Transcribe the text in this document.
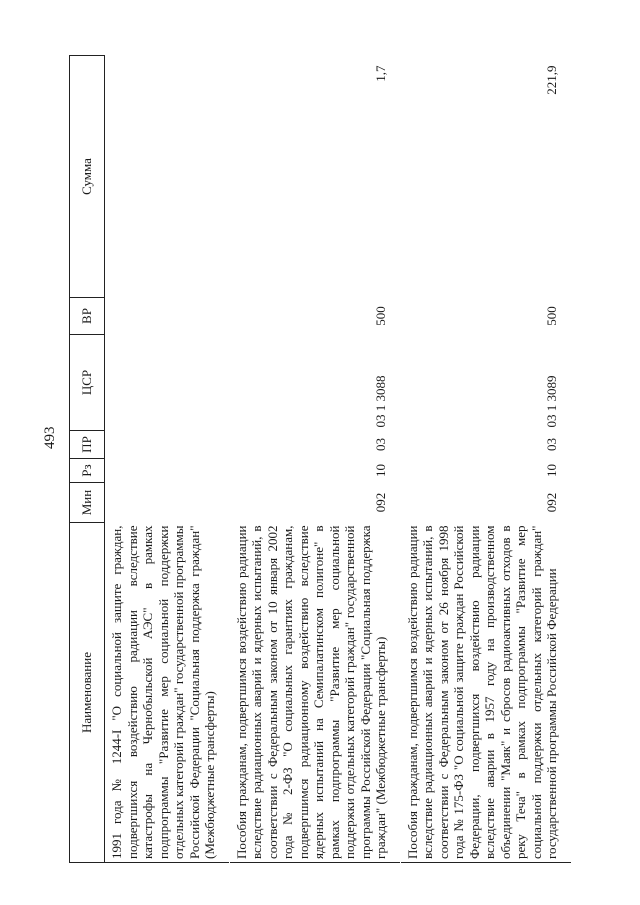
493
Наименование	Мин	Рз	ПР	ЦСР	ВР	Сумма
1991 года № 1244-I "О социальной защите граждан, подвергшихся воздействию радиации вследствие катастрофы на Чернобыльской АЭС" в рамках подпрограммы "Развитие мер социальной поддержки отдельных категорий граждан" государственной программы Российской Федерации "Социальная поддержка граждан" (Межбюджетные трансферты)						
Пособия гражданам, подвергшимся воздействию радиации вследствие радиационных аварий и ядерных испытаний, в соответствии с Федеральным законом от 10 января 2002 года № 2-ФЗ "О социальных гарантиях гражданам, подвергшимся радиационному воздействию вследствие ядерных испытаний на Семипалатинском полигоне" в рамках подпрограммы "Развитие мер социальной поддержки отдельных категорий граждан" государственной программы Российской Федерации "Социальная поддержка граждан" (Межбюджетные трансферты)	092	10	03	03 1 3088	500	1,7
Пособия гражданам, подвергшимся воздействию радиации вследствие радиационных аварий и ядерных испытаний, в соответствии с Федеральным законом от 26 ноября 1998 года № 175-ФЗ "О социальной защите граждан Российской Федерации, подвергшихся воздействию радиации вследствие аварии в 1957 году на производственном объединении "Маяк" и сбросов радиоактивных отходов в реку Теча" в рамках подпрограммы "Развитие мер социальной поддержки отдельных категорий граждан" государственной программы Российской Федерации	092	10	03	03 1 3089	500	221,9
